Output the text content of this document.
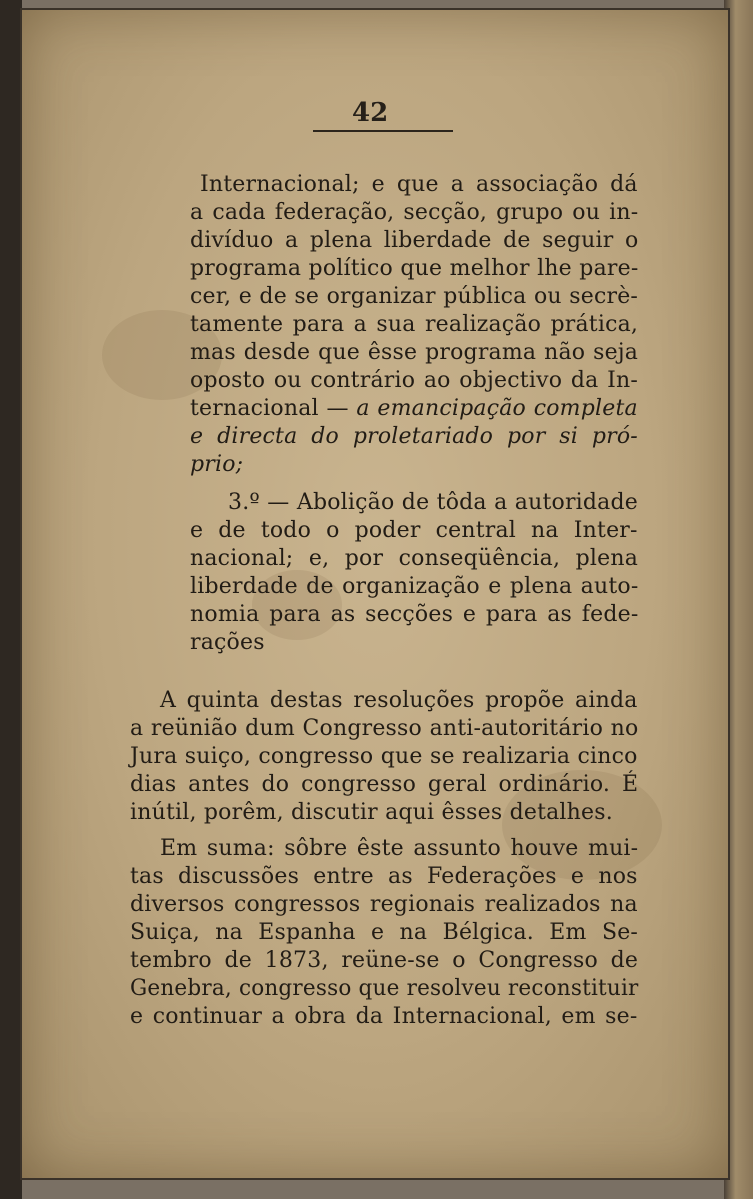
42
Internacional; e que a associação dá
a cada federação, secção, grupo ou in-
divíduo a plena liberdade de seguir o
programa político que melhor lhe pare-
cer, e de se organizar pública ou secrè-
tamente para a sua realização prática,
mas desde que êsse programa não seja
oposto ou contrário ao objectivo da In-
ternacional — a emancipação completa
e directa do proletariado por si pró-
prio;
3.º — Abolição de tôda a autoridade
e de todo o poder central na Inter-
nacional; e, por conseqüência, plena
liberdade de organização e plena auto-
nomia para as secções e para as fede-
rações
A quinta destas resoluções propõe ainda
a reünião dum Congresso anti-autoritário no
Jura suiço, congresso que se realizaria cinco
dias antes do congresso geral ordinário. É
inútil, porêm, discutir aqui êsses detalhes.
Em suma: sôbre êste assunto houve mui-
tas discussões entre as Federações e nos
diversos congressos regionais realizados na
Suiça, na Espanha e na Bélgica. Em Se-
tembro de 1873, reüne-se o Congresso de
Genebra, congresso que resolveu reconstituir
e continuar a obra da Internacional, em se-
